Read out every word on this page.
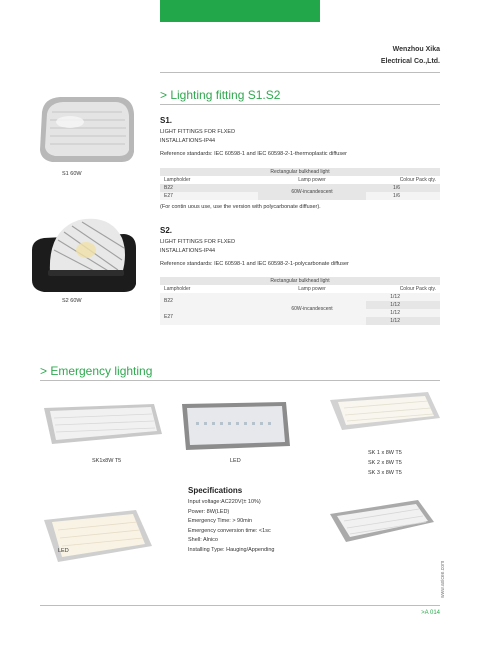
Wenzhou Xika
Electrical Co.,Ltd.
> Lighting fitting S1.S2
S1 60W
S1.
LIGHT FITTINGS FOR FLXED
INSTALLATIONS-IP44
Reference standards: IEC 60598-1 and IEC 60598-2-1-thermoplastic diffuser
Rectangular bulkhead light		
Lampholder	Lamp power	Colour Pack qty.
B22	60W-incandescent	1/6
E27		1/6
(For contin uous use, use the version with polycarbonate diffuser).
S2 60W
S2.
LIGHT FITTINGS FOR FLXED
INSTALLATIONS-IP44
Reference standards: IEC 60598-1 and IEC 60598-2-1-polycarbonate diffuser
Rectangular bulkhead light		
Lampholder	Lamp power	Colour Pack qty.
B22	60W-incandescent	1/12
		1/12
E27		1/12
		1/12
> Emergency lighting
SK1x8W T5	LED
SK 1 x 8W T5
SK 2 x 8W T5
SK 3 x 8W T5
Specifications
Input voltage:AC220V(± 10%)
Power: 8W(LED)
Emergency Time: > 90min
Emergency conversion time: <1sc
Shell: Alnico
Installing Type: Hauging/Appending
LED
www.axicee.com
>A 014
